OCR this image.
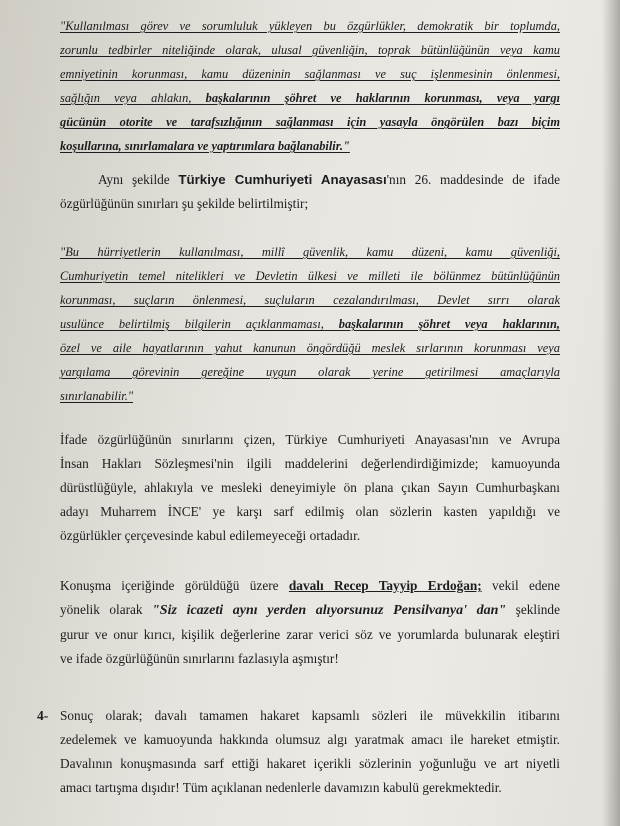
"Kullanılması görev ve sorumluluk yükleyen bu özgürlükler, demokratik bir toplumda,
zorunlu tedbirler niteliğinde olarak, ulusal güvenliğin, toprak bütünlüğünün veya kamu
emniyetinin korunması, kamu düzeninin sağlanması ve suç işlenmesinin önlenmesi,
sağlığın veya ahlakın, başkalarının şöhret ve haklarının korunması, veya yargı
gücünün otorite ve tarafsızlığının sağlanması için yasayla öngörülen bazı biçim
koşullarına, sınırlamalara ve yaptırımlara bağlanabilir."
Aynı şekilde Türkiye Cumhuriyeti Anayasası'nın 26. maddesinde de ifade
özgürlüğünün sınırları şu şekilde belirtilmiştir;
"Bu hürriyetlerin kullanılması, millî güvenlik, kamu düzeni, kamu güvenliği,
Cumhuriyetin temel nitelikleri ve Devletin ülkesi ve milleti ile bölünmez bütünlüğünün
korunması, suçların önlenmesi, suçluların cezalandırılması, Devlet sırrı olarak
usulünce belirtilmiş bilgilerin açıklanmaması, başkalarının şöhret veya haklarının,
özel ve aile hayatlarının yahut kanunun öngördüğü meslek sırlarının korunması veya
yargılama görevinin gereğine uygun olarak yerine getirilmesi amaçlarıyla
sınırlanabilir."
İfade özgürlüğünün sınırlarını çizen, Türkiye Cumhuriyeti Anayasası'nın ve Avrupa
İnsan Hakları Sözleşmesi'nin ilgili maddelerini değerlendirdiğimizde; kamuoyunda
dürüstlüğüyle, ahlakıyla ve mesleki deneyimiyle ön plana çıkan Sayın Cumhurbaşkanı
adayı Muharrem İNCE' ye karşı sarf edilmiş olan sözlerin kasten yapıldığı ve
özgürlükler çerçevesinde kabul edilemeyeceği ortadadır.
Konuşma içeriğinde görüldüğü üzere davalı Recep Tayyip Erdoğan; vekil edene
yönelik olarak "Siz icazeti aynı yerden alıyorsunuz Pensilvanya' dan" şeklinde
gurur ve onur kırıcı, kişilik değerlerine zarar verici söz ve yorumlarda bulunarak eleştiri
ve ifade özgürlüğünün sınırlarını fazlasıyla aşmıştır!
4- Sonuç olarak; davalı tamamen hakaret kapsamlı sözleri ile müvekkilin itibarını
zedelemek ve kamuoyunda hakkında olumsuz algı yaratmak amacı ile hareket etmiştir.
Davalının konuşmasında sarf ettiği hakaret içerikli sözlerinin yoğunluğu ve art niyetli
amacı tartışma dışıdır! Tüm açıklanan nedenlerle davamızın kabulü gerekmektedir.
